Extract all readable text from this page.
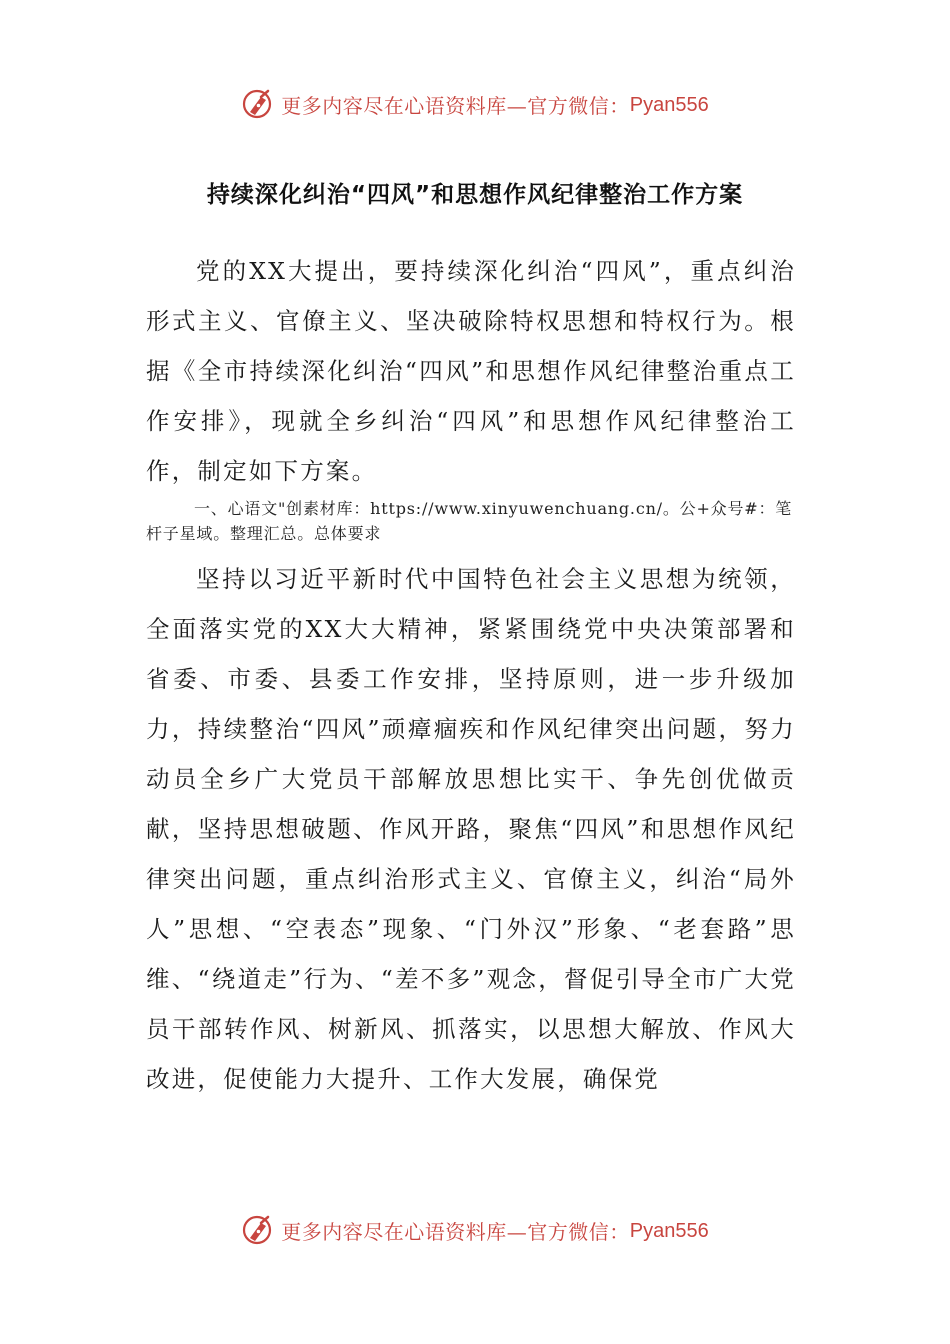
更多内容尽在心语资料库—官方微信： Pyan556
持续深化纠治“四风”和思想作风纪律整治工作方案

党的XX大提出，要持续深化纠治“四风”，重点纠治形式主义、官僚主义、坚决破除特权思想和特权行为。根据《全市持续深化纠治“四风”和思想作风纪律整治重点工作安排》，现就全乡纠治“四风”和思想作风纪律整治工作，制定如下方案。

一、心语文"创素材库：https://www.xinyuwenchuang.cn/。公+众号#：笔杆子星域。整理汇总。总体要求

坚持以习近平新时代中国特色社会主义思想为统领，全面落实党的XX大大精神，紧紧围绕党中央决策部署和省委、市委、县委工作安排，坚持原则，进一步升级加力，持续整治“四风”顽瘴痼疾和作风纪律突出问题，努力动员全乡广大党员干部解放思想比实干、争先创优做贡献，坚持思想破题、作风开路，聚焦“四风”和思想作风纪律突出问题，重点纠治形式主义、官僚主义，纠治“局外人”思想、“空表态”现象、“门外汉”形象、“老套路”思维、“绕道走”行为、“差不多”观念，督促引导全市广大党员干部转作风、树新风、抓落实，以思想大解放、作风大改进，促使能力大提升、工作大发展，确保党

更多内容尽在心语资料库—官方微信： Pyan556
